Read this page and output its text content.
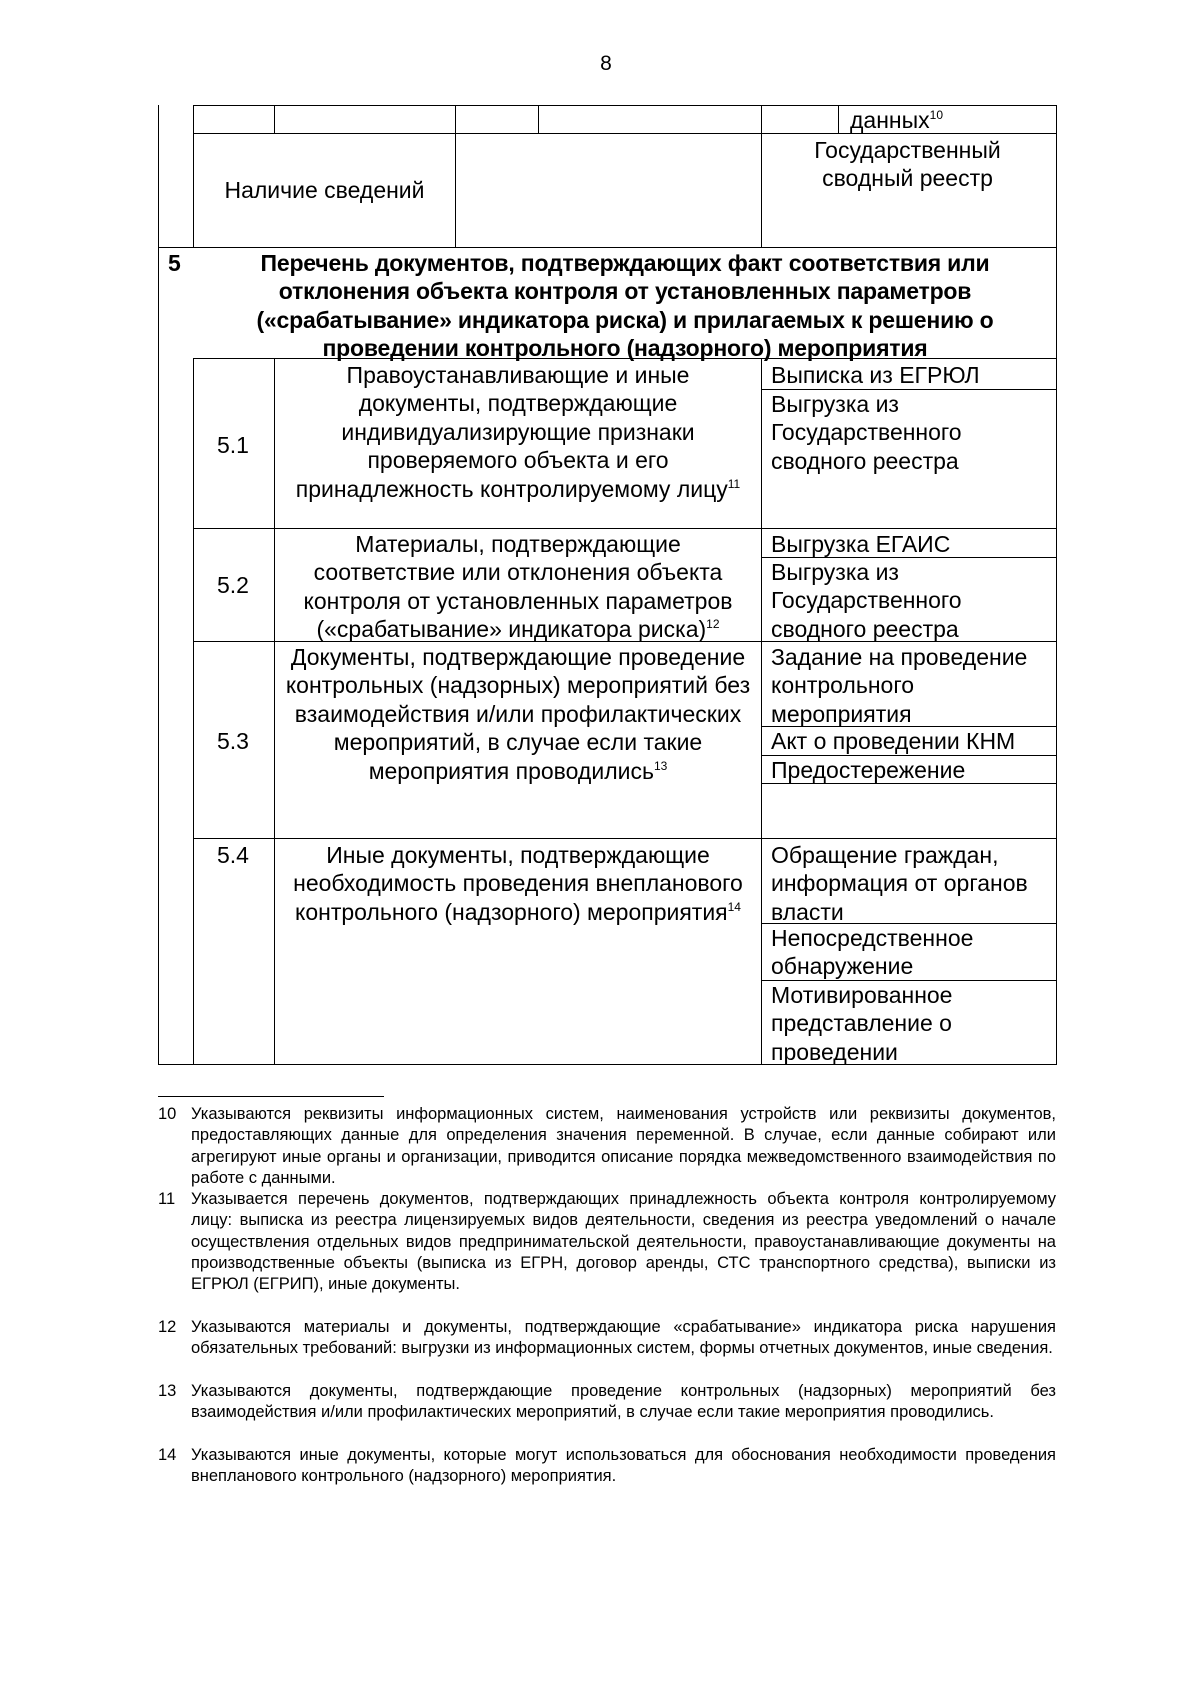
8
данных$^{10}$
Наличие сведений
Государственный сводный реестр
5	Перечень документов, подтверждающих факт соответствия или отклонения объекта контроля от установленных параметров («срабатывание» индикатора риска) и прилагаемых к решению о проведении контрольного (надзорного) мероприятия
5.1
Правоустанавливающие и иные документы, подтверждающие индивидуализирующие признаки проверяемого объекта и его принадлежность контролируемому лицу$^{11}$
Выписка из ЕГРЮЛ
Выгрузка из Государственного сводного реестра
5.2
Материалы, подтверждающие соответствие или отклонения объекта контроля от установленных параметров («срабатывание» индикатора риска)$^{12}$
Выгрузка ЕГАИС
Выгрузка из Государственного сводного реестра
5.3
Документы, подтверждающие проведение контрольных (надзорных) мероприятий без взаимодействия и/или профилактических мероприятий, в случае если такие мероприятия проводились$^{13}$
Задание на проведение контрольного мероприятия
Акт о проведении КНМ
Предостережение
5.4	Иные документы, подтверждающие необходимость проведения внепланового контрольного (надзорного) мероприятия$^{14}$
Обращение граждан, информация от органов власти
Непосредственное обнаружение
Мотивированное представление о проведении
10 Указываются реквизиты информационных систем, наименования устройств или реквизиты документов, предоставляющих данные для определения значения переменной. В случае, если данные собирают или агрегируют иные органы и организации, приводится описание порядка межведомственного взаимодействия по работе с данными.
11 Указывается перечень документов, подтверждающих принадлежность объекта контроля контролируемому лицу: выписка из реестра лицензируемых видов деятельности, сведения из реестра уведомлений о начале осуществления отдельных видов предпринимательской деятельности, правоустанавливающие документы на производственные объекты (выписка из ЕГРН, договор аренды, СТС транспортного средства), выписки из ЕГРЮЛ (ЕГРИП), иные документы.
12 Указываются материалы и документы, подтверждающие «срабатывание» индикатора риска нарушения обязательных требований: выгрузки из информационных систем, формы отчетных документов, иные сведения.
13 Указываются документы, подтверждающие проведение контрольных (надзорных) мероприятий без взаимодействия и/или профилактических мероприятий, в случае если такие мероприятия проводились.
14 Указываются иные документы, которые могут использоваться для обоснования необходимости проведения внепланового контрольного (надзорного) мероприятия.
